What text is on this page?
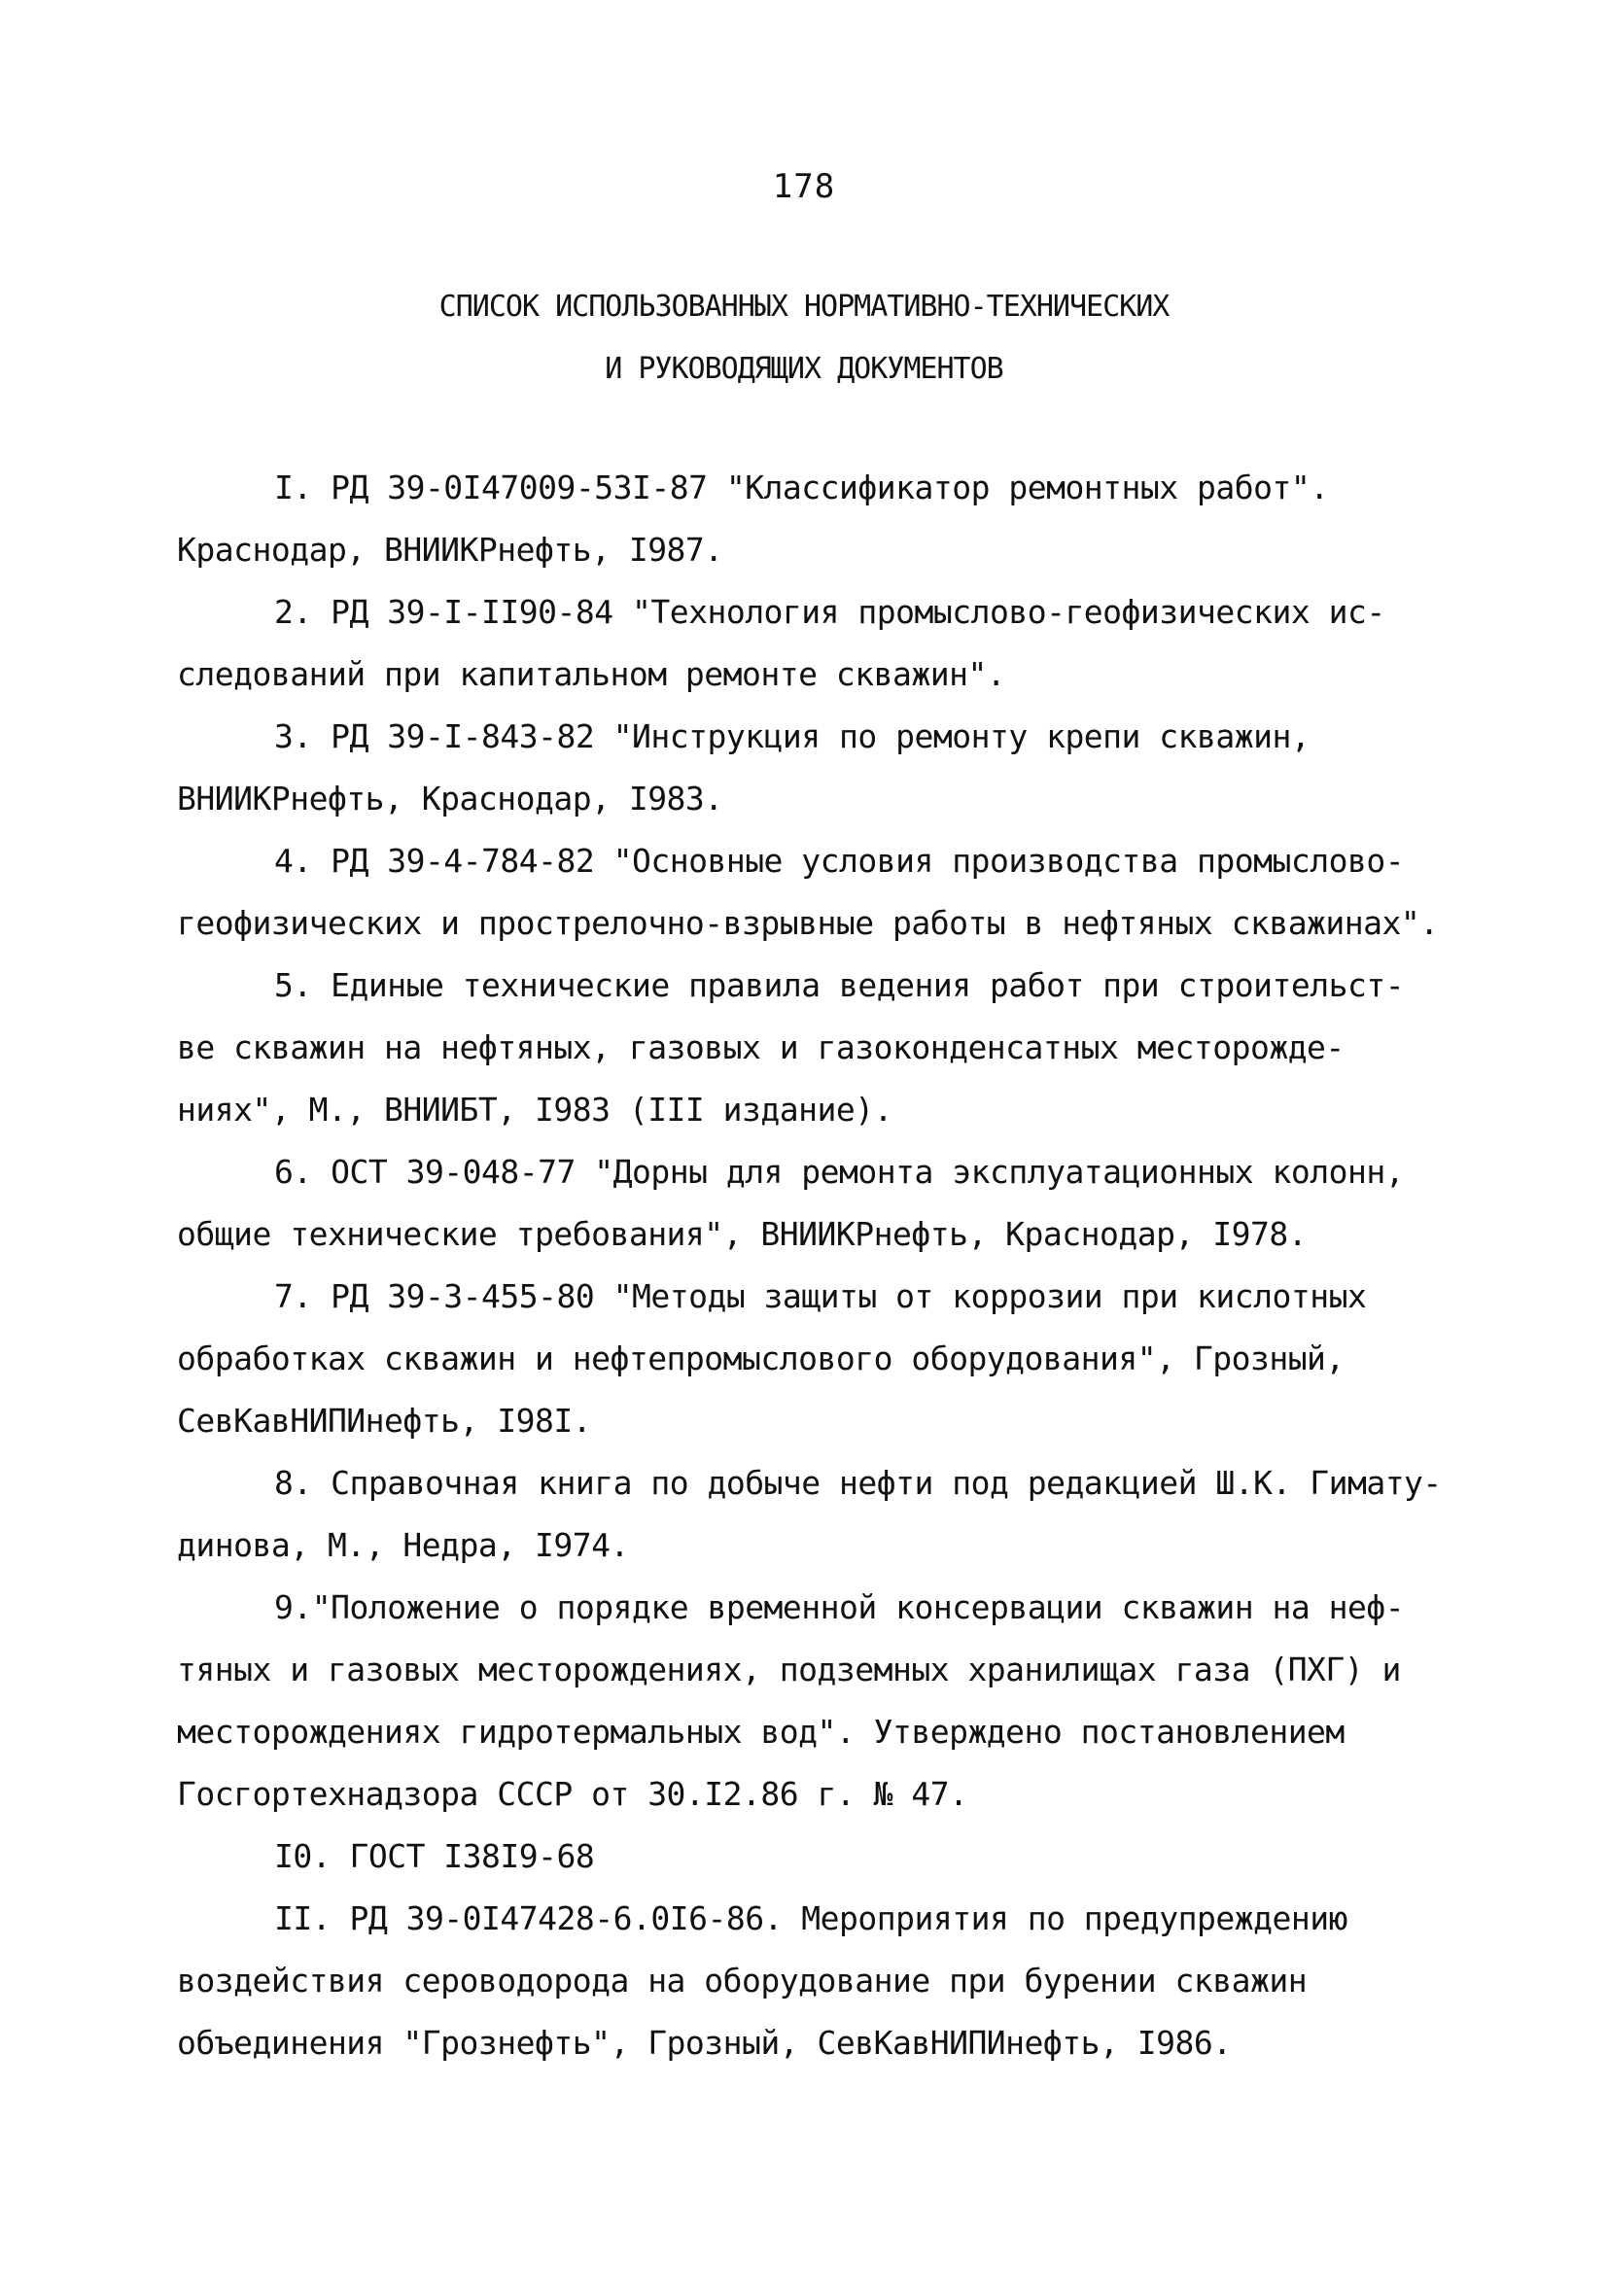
178
СПИСОК ИСПОЛЬЗОВАННЫХ НОРМАТИВНО-ТЕХНИЧЕСКИХ
И РУКОВОДЯЩИХ ДОКУМЕНТОВ
I. РД 39-0I47009-53I-87 "Классификатор ремонтных работ".
Краснодар, ВНИИКРнефть, I987.
2. РД 39-I-II90-84 "Технология промыслово-геофизических ис-
следований при капитальном ремонте скважин".
3. РД 39-I-843-82 "Инструкция по ремонту крепи скважин,
ВНИИКРнефть, Краснодар, I983.
4. РД 39-4-784-82 "Основные условия производства промыслово-
геофизических и прострелочно-взрывные работы в нефтяных скважинах".
5. Единые технические правила ведения работ при строительст-
ве скважин на нефтяных, газовых и газоконденсатных месторожде-
ниях", М., ВНИИБТ, I983 (III издание).
6. ОСТ 39-048-77 "Дорны для ремонта эксплуатационных колонн,
общие технические требования", ВНИИКРнефть, Краснодар, I978.
7. РД 39-3-455-80 "Методы защиты от коррозии при кислотных
обработках скважин и нефтепромыслового оборудования", Грозный,
СевКавНИПИнефть, I98I.
8. Справочная книга по добыче нефти под редакцией Ш.К. Гимату-
динова, М., Недра, I974.
9."Положение о порядке временной консервации скважин на неф-
тяных и газовых месторождениях, подземных хранилищах газа (ПХГ) и
месторождениях гидротермальных вод". Утверждено постановлением
Госгортехнадзора СССР от 30.I2.86 г. № 47.
I0. ГОСТ I38I9-68
II. РД 39-0I47428-6.0I6-86. Мероприятия по предупреждению
воздействия сероводорода на оборудование при бурении скважин
объединения "Грознефть", Грозный, СевКавНИПИнефть, I986.
